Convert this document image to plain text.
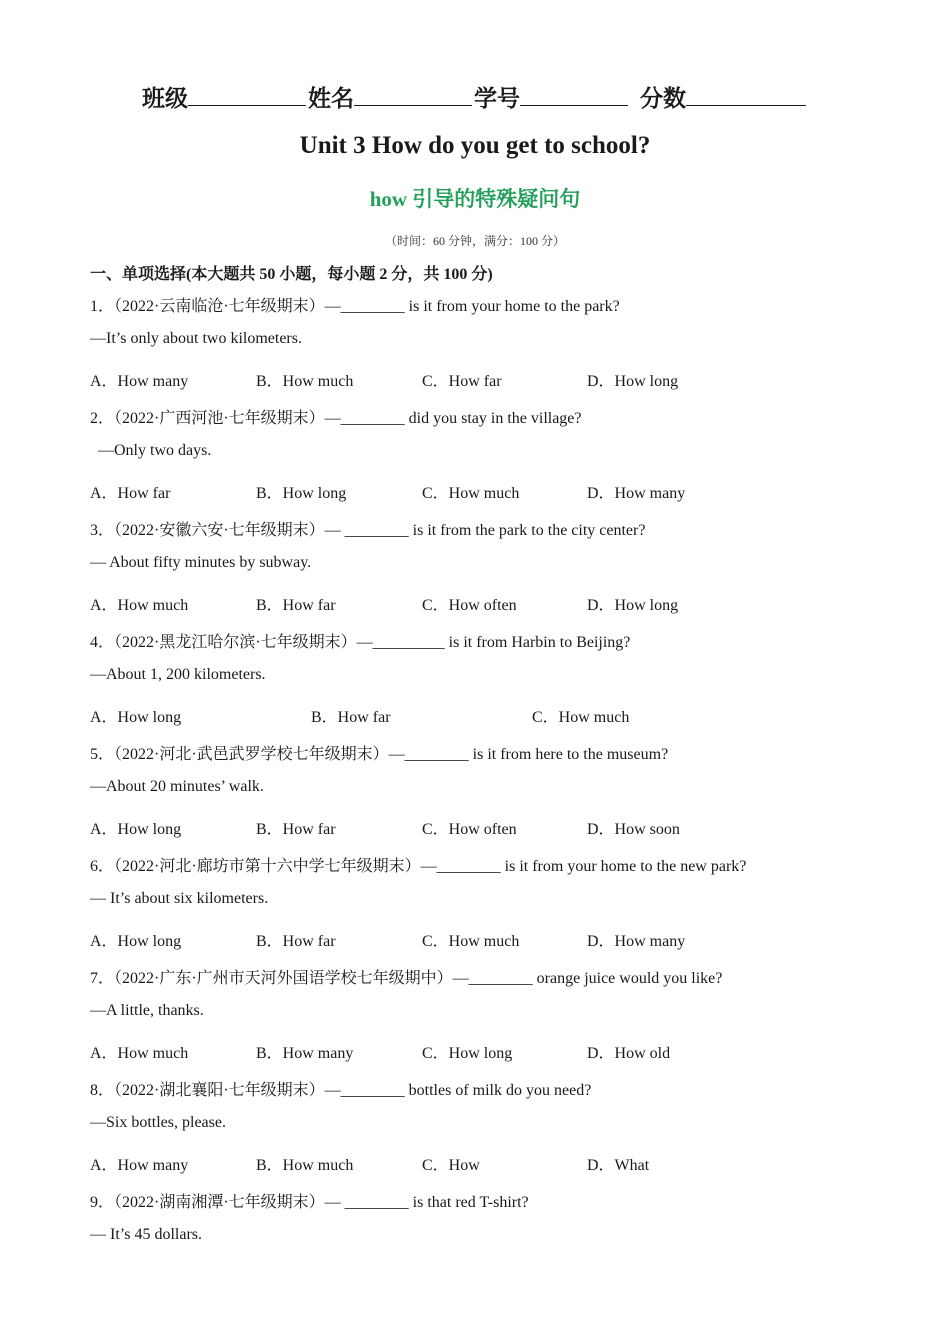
班级	姓名	学号	分数
Unit 3 How do you get to school?
how 引导的特殊疑问句
（时间：60 分钟，满分：100 分）
一、单项选择(本大题共 50 小题，每小题 2 分，共 100 分)
1．（2022·云南临沧·七年级期末）—________ is it from your home to the park?
—It’s only about two kilometers.
A．How many	B．How much	C．How far	D．How long
2．（2022·广西河池·七年级期末）—________ did you stay in the village?
—Only two days.
A．How far	B．How long	C．How much	D．How many
3．（2022·安徽六安·七年级期末）— ________ is it from the park to the city center?
— About fifty minutes by subway.
A．How much	B．How far	C．How often	D．How long
4．（2022·黑龙江哈尔滨·七年级期末）—_________ is it from Harbin to Beijing?
—About 1, 200 kilometers.
A．How long	B．How far	C．How much
5．（2022·河北·武邑武罗学校七年级期末）—________ is it from here to the museum?
—About 20 minutes’ walk.
A．How long	B．How far	C．How often	D．How soon
6．（2022·河北·廊坊市第十六中学七年级期末）—________ is it from your home to the new park?
— It’s about six kilometers.
A．How long	B．How far	C．How much	D．How many
7．（2022·广东·广州市天河外国语学校七年级期中）—________ orange juice would you like?
—A little, thanks.
A．How much	B．How many	C．How long	D．How old
8．（2022·湖北襄阳·七年级期末）—________ bottles of milk do you need?
—Six bottles, please.
A．How many	B．How much	C．How	D．What
9．（2022·湖南湘潭·七年级期末）— ________ is that red T-shirt?
— It’s 45 dollars.
